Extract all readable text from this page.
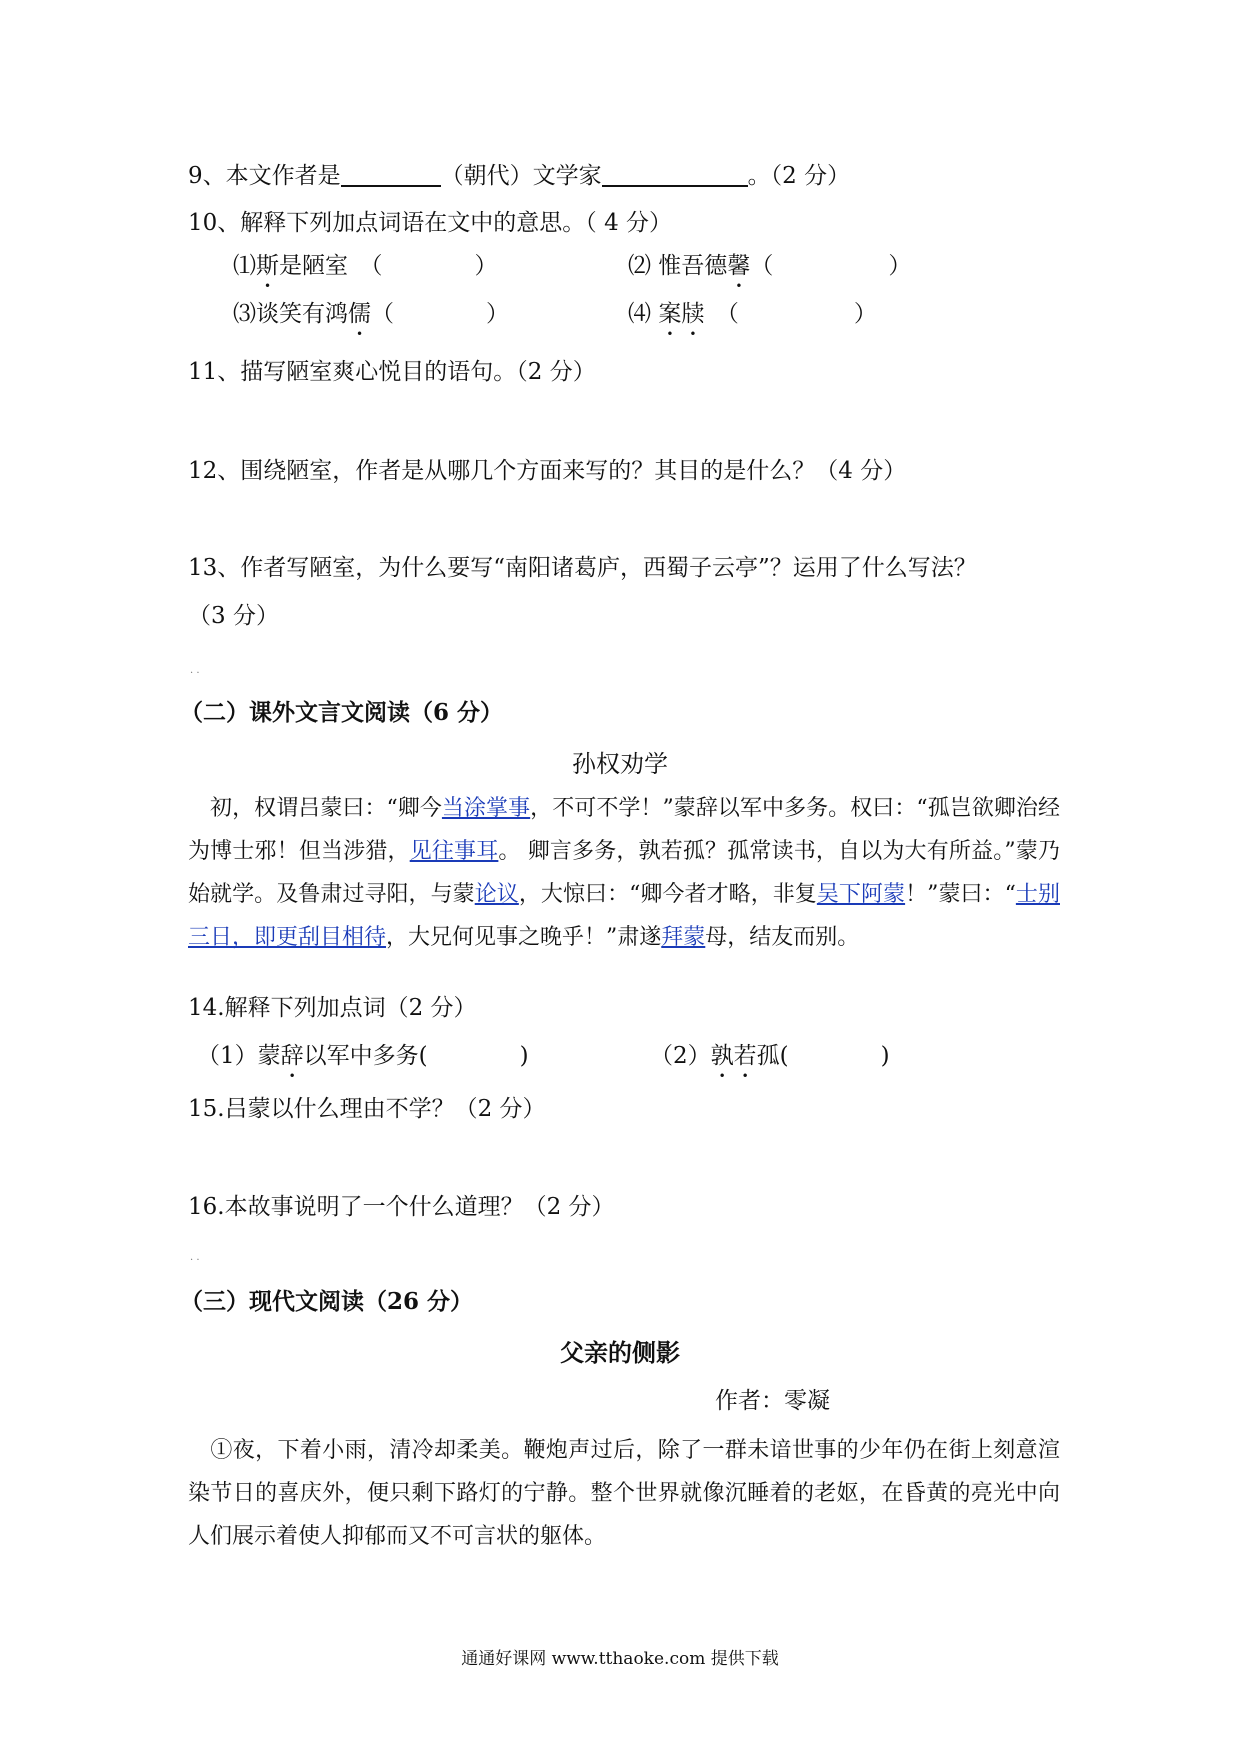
9、本文作者是	（朝代）文学家	。（2 分）
10、解释下列加点词语在文中的意思。（ 4 分）
⑴斯是陋室　 （　　　　）	⑵ 惟吾德馨（　　　　　）
⑶谈笑有鸿儒（　　　　）	⑷ 案牍　 （　　　　　）
11、描写陋室爽心悦目的语句。（2 分）
12、围绕陋室，作者是从哪几个方面来写的？其目的是什么？（4 分）
13、作者写陋室，为什么要写“南阳诸葛庐，西蜀子云亭”？运用了什么写法？
（3 分）
. .
（二）课外文言文阅读（6 分）
孙权劝学
　初，权谓吕蒙曰：“卿今当涂掌事，不可不学！”蒙辞以军中多务。权曰：“孤岂欲卿治经为博士邪！但当涉猎，见往事耳。 卿言多务，孰若孤？孤常读书，自以为大有所益。”蒙乃始就学。及鲁肃过寻阳，与蒙论议，大惊曰：“卿今者才略，非复吴下阿蒙！”蒙曰：“士别三日，即更刮目相待，大兄何见事之晚乎！”肃遂拜蒙母，结友而别。
14.解释下列加点词（2 分）
（1）蒙辞以军中多务(　　　　)	（2）孰若孤(　　　　)
15.吕蒙以什么理由不学？（2 分）
16.本故事说明了一个什么道理？（2 分）
. .
（三）现代文阅读（26 分）
父亲的侧影
作者：零凝
　①夜，下着小雨，清冷却柔美。鞭炮声过后，除了一群未谙世事的少年仍在街上刻意渲染节日的喜庆外，便只剩下路灯的宁静。整个世界就像沉睡着的老妪，在昏黄的亮光中向人们展示着使人抑郁而又不可言状的躯体。
通通好课网 www.tthaoke.com 提供下载
